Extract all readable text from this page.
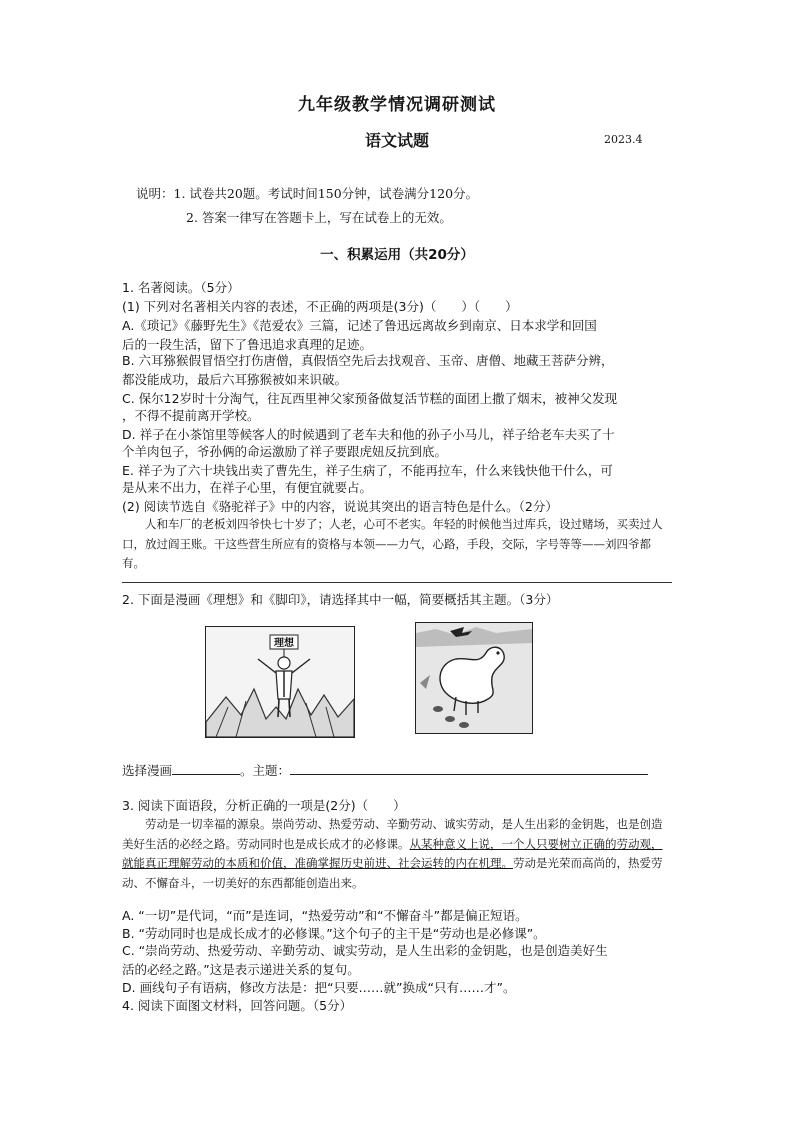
九年级教学情况调研测试
语文试题	2023.4
说明：1. 试卷共20题。考试时间150分钟，试卷满分120分。
2. 答案一律写在答题卡上，写在试卷上的无效。
一、积累运用（共20分）
1. 名著阅读。（5分）
(1) 下列对名著相关内容的表述，不正确的两项是(3分)（　　）（　　）
A.《琐记》《藤野先生》《范爱农》三篇，记述了鲁迅远离故乡到南京、日本求学和回国
后的一段生活，留下了鲁迅追求真理的足迹。
B. 六耳猕猴假冒悟空打伤唐僧，真假悟空先后去找观音、玉帝、唐僧、地藏王菩萨分辨，
都没能成功，最后六耳猕猴被如来识破。
C. 保尔12岁时十分淘气，往瓦西里神父家预备做复活节糕的面团上撒了烟末，被神父发现
，不得不提前离开学校。
D. 祥子在小茶馆里等候客人的时候遇到了老车夫和他的孙子小马儿，祥子给老车夫买了十
个羊肉包子，爷孙俩的命运激励了祥子要跟虎妞反抗到底。
E. 祥子为了六十块钱出卖了曹先生，祥子生病了，不能再拉车，什么来钱快他干什么，可
是从来不出力，在祥子心里，有便宜就要占。
(2) 阅读节选自《骆驼祥子》中的内容，说说其突出的语言特色是什么。（2分）
人和车厂的老板刘四爷快七十岁了；人老，心可不老实。年轻的时候他当过库兵，设过赌场，买卖过人口，放过阎王账。干这些营生所应有的资格与本领——力气，心路，手段，交际，字号等等——刘四爷都有。
2. 下面是漫画《理想》和《脚印》，请选择其中一幅，简要概括其主题。（3分）
理想
选择漫画	。主题：
3. 阅读下面语段，分析正确的一项是(2分)（　　）
劳动是一切幸福的源泉。崇尚劳动、热爱劳动、辛勤劳动、诚实劳动，是人生出彩的金钥匙，也是创造美好生活的必经之路。劳动同时也是成长成才的必修课。从某种意义上说，一个人只要树立正确的劳动观，就能真正理解劳动的本质和价值，准确掌握历史前进、社会运转的内在机理。劳动是光荣而高尚的，热爱劳动、不懈奋斗，一切美好的东西都能创造出来。
A. “一切”是代词，“而”是连词，“热爱劳动”和“不懈奋斗”都是偏正短语。
B. “劳动同时也是成长成才的必修课。”这个句子的主干是“劳动也是必修课”。
C. “崇尚劳动、热爱劳动、辛勤劳动、诚实劳动，是人生出彩的金钥匙，也是创造美好生
活的必经之路。”这是表示递进关系的复句。
D. 画线句子有语病，修改方法是：把“只要……就”换成“只有……才”。
4. 阅读下面图文材料，回答问题。（5分）
